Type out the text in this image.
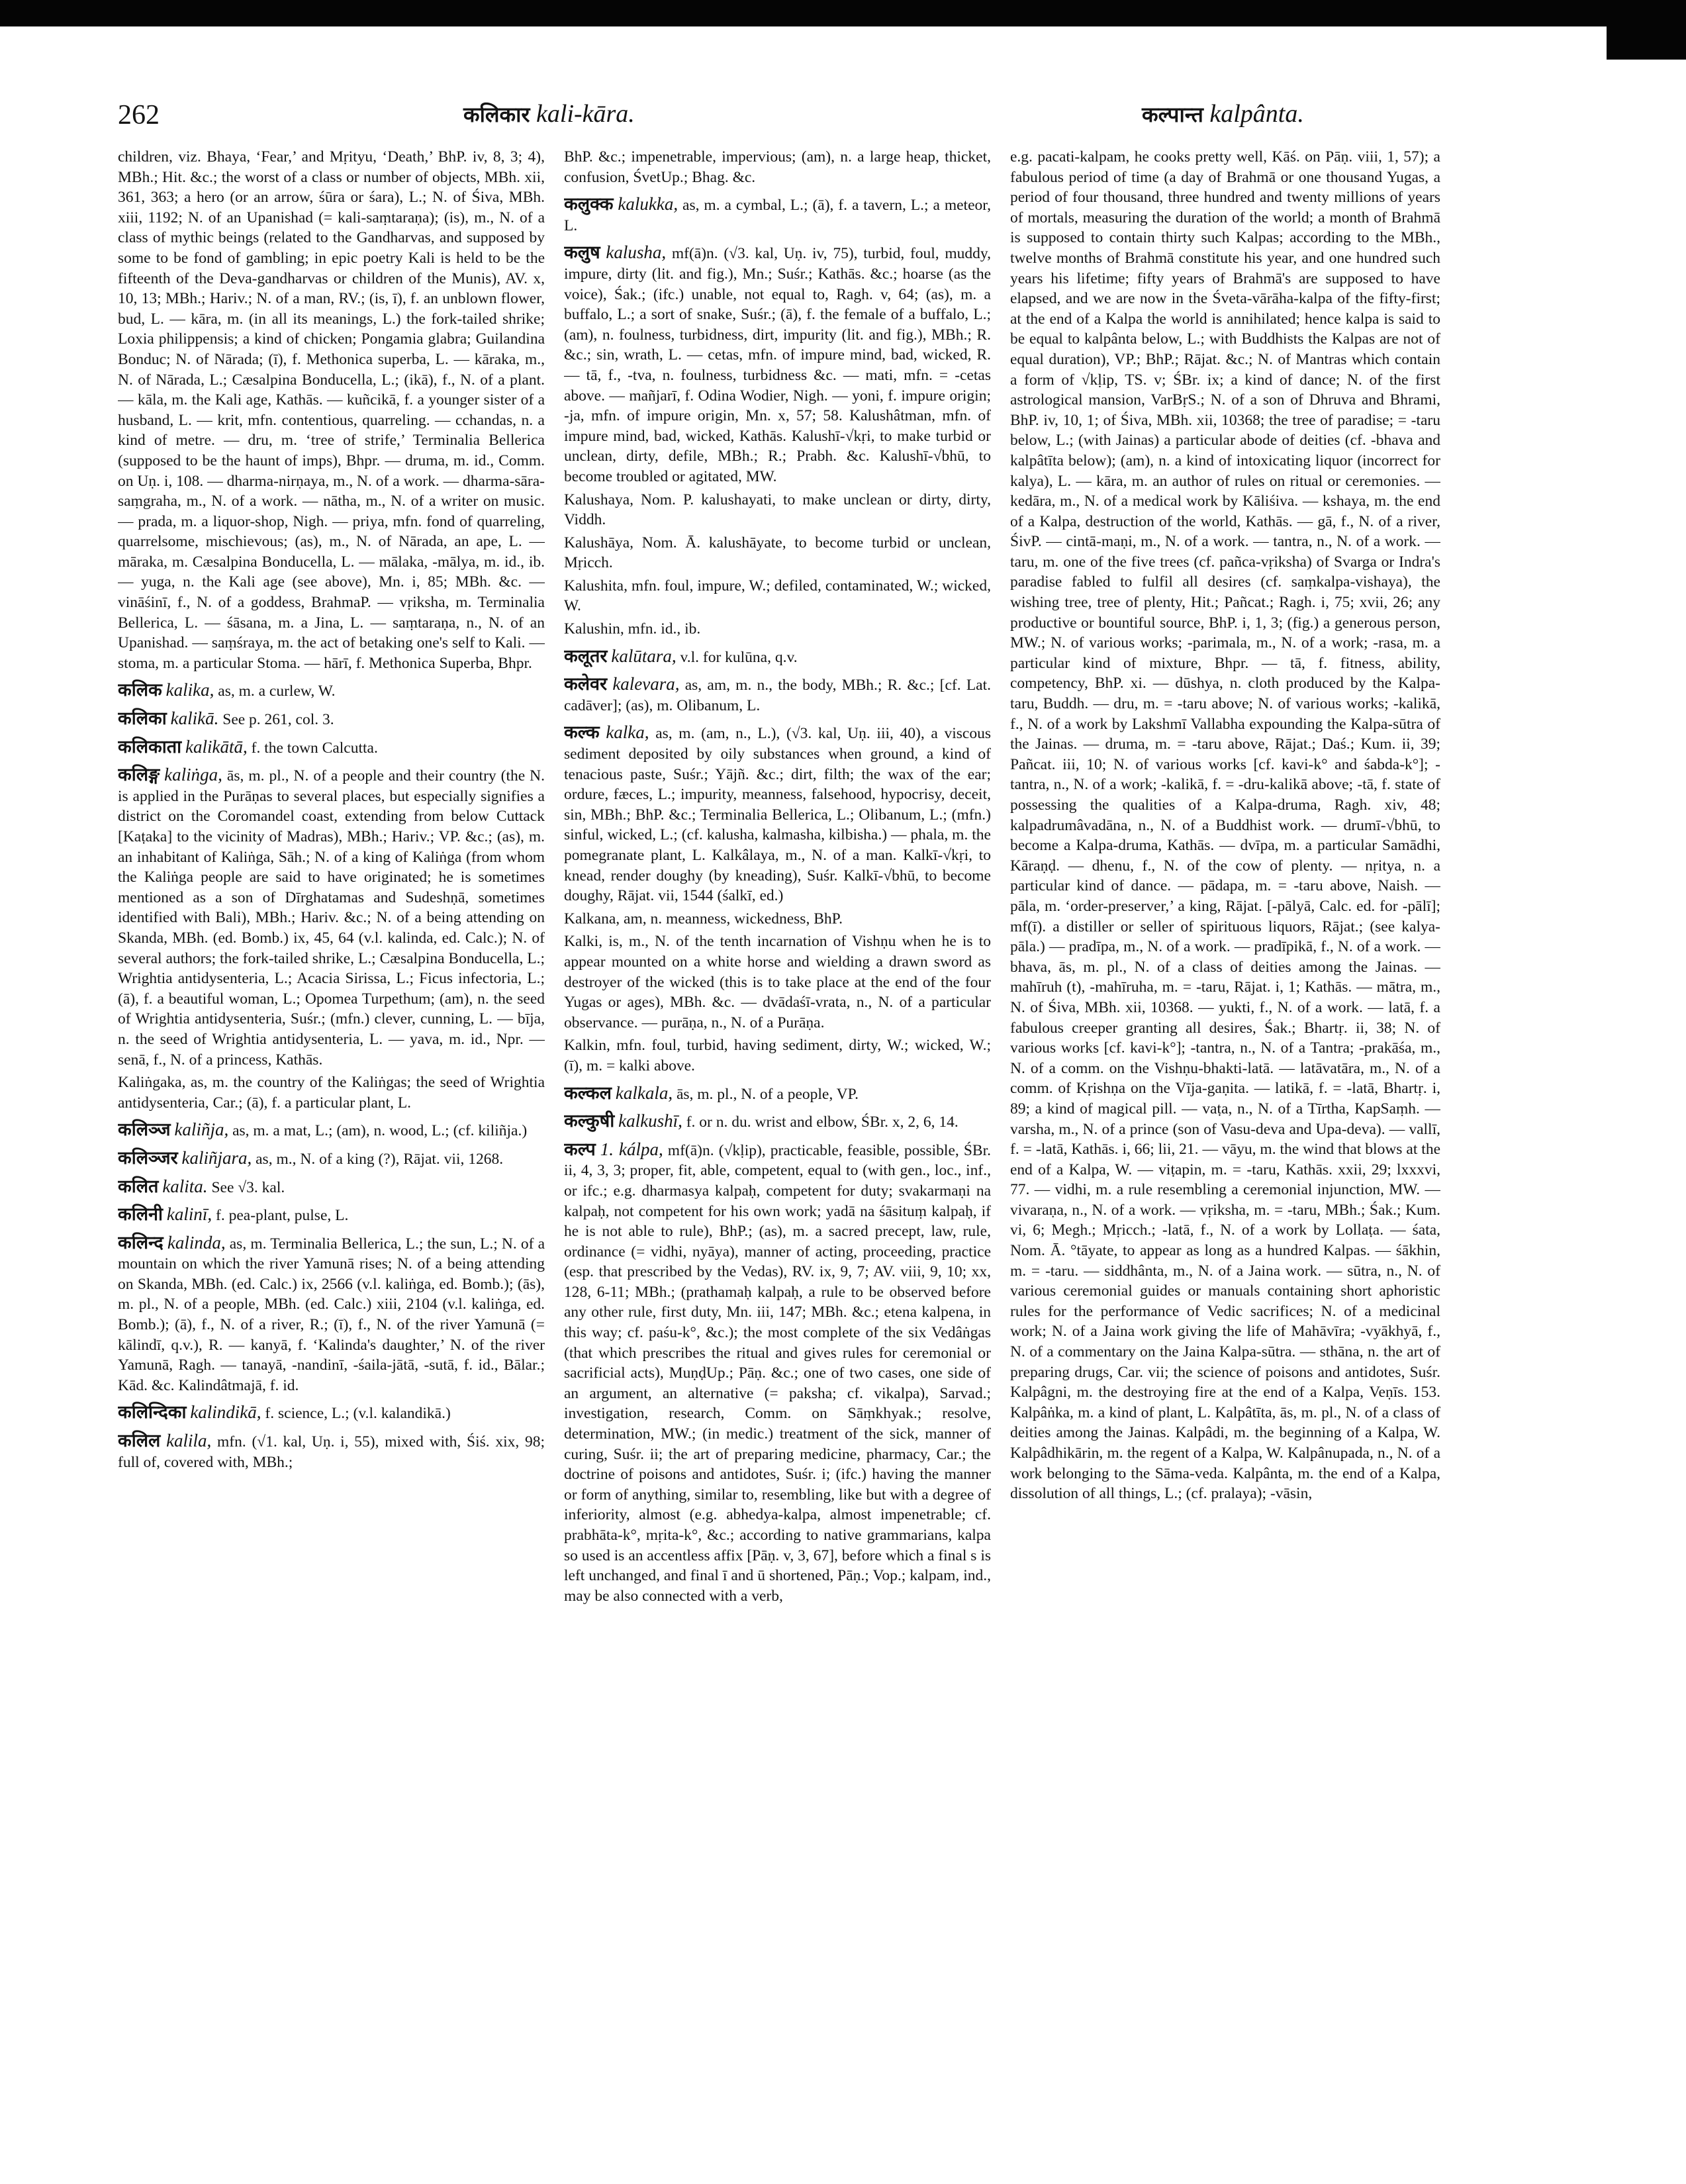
262	कलिकार kali-kāra.	कल्पान्त kalpânta.

children, viz. Bhaya, ‘Fear,’ and Mṛityu, ‘Death,’ BhP. iv, 8, 3; 4), MBh.; Hit. &c.; the worst of a class or number of objects, MBh. xii, 361, 363; a hero (or an arrow, śūra or śara), L.; N. of Śiva, MBh. xiii, 1192; N. of an Upanishad (= kali-saṃtaraṇa); (is), m., N. of a class of mythic beings (related to the Gandharvas, and supposed by some to be fond of gambling; in epic poetry Kali is held to be the fifteenth of the Deva-gandharvas or children of the Munis), AV. x, 10, 13; MBh.; Hariv.; N. of a man, RV.; (is, ī), f. an unblown flower, bud, L. — kāra, m. (in all its meanings, L.) the fork-tailed shrike; Loxia philippensis; a kind of chicken; Pongamia glabra; Guilandina Bonduc; N. of Nārada; (ī), f. Methonica superba, L. — kāraka, m., N. of Nārada, L.; Cæsalpina Bonducella, L.; (ikā), f., N. of a plant. — kāla, m. the Kali age, Kathās. — kuñcikā, f. a younger sister of a husband, L. — krit, mfn. contentious, quarreling. — cchandas, n. a kind of metre. — dru, m. ‘tree of strife,’ Terminalia Bellerica (supposed to be the haunt of imps), Bhpr. — druma, m. id., Comm. on Uṇ. i, 108. — dharma-nirṇaya, m., N. of a work. — dharma-sāra-saṃgraha, m., N. of a work. — nātha, m., N. of a writer on music. — prada, m. a liquor-shop, Nigh. — priya, mfn. fond of quarreling, quarrelsome, mischievous; (as), m., N. of Nārada, an ape, L. — māraka, m. Cæsalpina Bonducella, L. — mālaka, -mālya, m. id., ib. — yuga, n. the Kali age (see above), Mn. i, 85; MBh. &c. — vināśinī, f., N. of a goddess, BrahmaP. — vṛiksha, m. Terminalia Bellerica, L. — śāsana, m. a Jina, L. — saṃtaraṇa, n., N. of an Upanishad. — saṃśraya, m. the act of betaking one's self to Kali. — stoma, m. a particular Stoma. — hārī, f. Methonica Superba, Bhpr.

कलिक kalika, as, m. a curlew, W.

कलिका kalikā. See p. 261, col. 3.

कलिकाता kalikātā, f. the town Calcutta.

कलिङ्ग kaliṅga, ās, m. pl., N. of a people and their country (the N. is applied in the Purāṇas to several places, but especially signifies a district on the Coromandel coast, extending from below Cuttack [Kaṭaka] to the vicinity of Madras), MBh.; Hariv.; VP. &c.; (as), m. an inhabitant of Kaliṅga, Sāh.; N. of a king of Kaliṅga (from whom the Kaliṅga people are said to have originated; he is sometimes mentioned as a son of Dīrghatamas and Sudeshṇā, sometimes identified with Bali), MBh.; Hariv. &c.; N. of a being attending on Skanda, MBh. (ed. Bomb.) ix, 45, 64 (v.l. kalinda, ed. Calc.); N. of several authors; the fork-tailed shrike, L.; Cæsalpina Bonducella, L.; Wrightia antidysenteria, L.; Acacia Sirissa, L.; Ficus infectoria, L.; (ā), f. a beautiful woman, L.; Opomea Turpethum; (am), n. the seed of Wrightia antidysenteria, Suśr.; (mfn.) clever, cunning, L. — bīja, n. the seed of Wrightia antidysenteria, L. — yava, m. id., Npr. — senā, f., N. of a princess, Kathās.

Kaliṅgaka, as, m. the country of the Kaliṅgas; the seed of Wrightia antidysenteria, Car.; (ā), f. a particular plant, L.

कलिञ्ज kaliñja, as, m. a mat, L.; (am), n. wood, L.; (cf. kiliñja.)

कलिञ्जर kaliñjara, as, m., N. of a king (?), Rājat. vii, 1268.

कलित kalita. See √3. kal.

कलिनी kalinī, f. pea-plant, pulse, L.

कलिन्द kalinda, as, m. Terminalia Bellerica, L.; the sun, L.; N. of a mountain on which the river Yamunā rises; N. of a being attending on Skanda, MBh. (ed. Calc.) ix, 2566 (v.l. kaliṅga, ed. Bomb.); (ās), m. pl., N. of a people, MBh. (ed. Calc.) xiii, 2104 (v.l. kaliṅga, ed. Bomb.); (ā), f., N. of a river, R.; (ī), f., N. of the river Yamunā (= kālindī, q.v.), R. — kanyā, f. ‘Kalinda's daughter,’ N. of the river Yamunā, Ragh. — tanayā, -nandinī, -śaila-jātā, -sutā, f. id., Bālar.; Kād. &c. Kalindâtmajā, f. id.

कलिन्दिका kalindikā, f. science, L.; (v.l. kalandikā.)

कलिल kalila, mfn. (√1. kal, Uṇ. i, 55), mixed with, Śiś. xix, 98; full of, covered with, MBh.;

BhP. &c.; impenetrable, impervious; (am), n. a large heap, thicket, confusion, ŚvetUp.; Bhag. &c.

कलुक्क kalukka, as, m. a cymbal, L.; (ā), f. a tavern, L.; a meteor, L.

कलुष kalusha, mf(ā)n. (√3. kal, Uṇ. iv, 75), turbid, foul, muddy, impure, dirty (lit. and fig.), Mn.; Suśr.; Kathās. &c.; hoarse (as the voice), Śak.; (ifc.) unable, not equal to, Ragh. v, 64; (as), m. a buffalo, L.; a sort of snake, Suśr.; (ā), f. the female of a buffalo, L.; (am), n. foulness, turbidness, dirt, impurity (lit. and fig.), MBh.; R. &c.; sin, wrath, L. — cetas, mfn. of impure mind, bad, wicked, R. — tā, f., -tva, n. foulness, turbidness &c. — mati, mfn. = -cetas above. — mañjarī, f. Odina Wodier, Nigh. — yoni, f. impure origin; -ja, mfn. of impure origin, Mn. x, 57; 58. Kalushâtman, mfn. of impure mind, bad, wicked, Kathās. Kalushī-√kṛi, to make turbid or unclean, dirty, defile, MBh.; R.; Prabh. &c. Kalushī-√bhū, to become troubled or agitated, MW.

Kalushaya, Nom. P. kalushayati, to make unclean or dirty, dirty, Viddh.

Kalushāya, Nom. Ā. kalushāyate, to become turbid or unclean, Mṛicch.

Kalushita, mfn. foul, impure, W.; defiled, contaminated, W.; wicked, W.

Kalushin, mfn. id., ib.

कलूतर kalūtara, v.l. for kulūna, q.v.

कलेवर kalevara, as, am, m. n., the body, MBh.; R. &c.; [cf. Lat. cadāver]; (as), m. Olibanum, L.

कल्क kalka, as, m. (am, n., L.), (√3. kal, Uṇ. iii, 40), a viscous sediment deposited by oily substances when ground, a kind of tenacious paste, Suśr.; Yājñ. &c.; dirt, filth; the wax of the ear; ordure, fæces, L.; impurity, meanness, falsehood, hypocrisy, deceit, sin, MBh.; BhP. &c.; Terminalia Bellerica, L.; Olibanum, L.; (mfn.) sinful, wicked, L.; (cf. kalusha, kalmasha, kilbisha.) — phala, m. the pomegranate plant, L. Kalkâlaya, m., N. of a man. Kalkī-√kṛi, to knead, render doughy (by kneading), Suśr. Kalkī-√bhū, to become doughy, Rājat. vii, 1544 (śalkī, ed.)

Kalkana, am, n. meanness, wickedness, BhP.

Kalki, is, m., N. of the tenth incarnation of Vishṇu when he is to appear mounted on a white horse and wielding a drawn sword as destroyer of the wicked (this is to take place at the end of the four Yugas or ages), MBh. &c. — dvādaśī-vrata, n., N. of a particular observance. — purāṇa, n., N. of a Purāṇa.

Kalkin, mfn. foul, turbid, having sediment, dirty, W.; wicked, W.; (ī), m. = kalki above.

कल्कल kalkala, ās, m. pl., N. of a people, VP.

कल्कुषी kalkushī, f. or n. du. wrist and elbow, ŚBr. x, 2, 6, 14.

कल्प 1. kálpa, mf(ā)n. (√kḷip), practicable, feasible, possible, ŚBr. ii, 4, 3, 3; proper, fit, able, competent, equal to (with gen., loc., inf., or ifc.; e.g. dharmasya kalpaḥ, competent for duty; svakarmaṇi na kalpaḥ, not competent for his own work; yadā na śāsituṃ kalpaḥ, if he is not able to rule), BhP.; (as), m. a sacred precept, law, rule, ordinance (= vidhi, nyāya), manner of acting, proceeding, practice (esp. that prescribed by the Vedas), RV. ix, 9, 7; AV. viii, 9, 10; xx, 128, 6-11; MBh.; (prathamaḥ kalpaḥ, a rule to be observed before any other rule, first duty, Mn. iii, 147; MBh. &c.; etena kalpena, in this way; cf. paśu-k°, &c.); the most complete of the six Vedâṅgas (that which prescribes the ritual and gives rules for ceremonial or sacrificial acts), MuṇḍUp.; Pāṇ. &c.; one of two cases, one side of an argument, an alternative (= paksha; cf. vikalpa), Sarvad.; investigation, research, Comm. on Sāṃkhyak.; resolve, determination, MW.; (in medic.) treatment of the sick, manner of curing, Suśr. ii; the art of preparing medicine, pharmacy, Car.; the doctrine of poisons and antidotes, Suśr. i; (ifc.) having the manner or form of anything, similar to, resembling, like but with a degree of inferiority, almost (e.g. abhedya-kalpa, almost impenetrable; cf. prabhāta-k°, mṛita-k°, &c.; according to native grammarians, kalpa so used is an accentless affix [Pāṇ. v, 3, 67], before which a final s is left unchanged, and final ī and ū shortened, Pāṇ.; Vop.; kalpam, ind., may be also connected with a verb,

e.g. pacati-kalpam, he cooks pretty well, Kāś. on Pāṇ. viii, 1, 57); a fabulous period of time (a day of Brahmā or one thousand Yugas, a period of four thousand, three hundred and twenty millions of years of mortals, measuring the duration of the world; a month of Brahmā is supposed to contain thirty such Kalpas; according to the MBh., twelve months of Brahmā constitute his year, and one hundred such years his lifetime; fifty years of Brahmā's are supposed to have elapsed, and we are now in the Śveta-vārāha-kalpa of the fifty-first; at the end of a Kalpa the world is annihilated; hence kalpa is said to be equal to kalpânta below, L.; with Buddhists the Kalpas are not of equal duration), VP.; BhP.; Rājat. &c.; N. of Mantras which contain a form of √kḷip, TS. v; ŚBr. ix; a kind of dance; N. of the first astrological mansion, VarBṛS.; N. of a son of Dhruva and Bhrami, BhP. iv, 10, 1; of Śiva, MBh. xii, 10368; the tree of paradise; = -taru below, L.; (with Jainas) a particular abode of deities (cf. -bhava and kalpâtīta below); (am), n. a kind of intoxicating liquor (incorrect for kalya), L. — kāra, m. an author of rules on ritual or ceremonies. — kedāra, m., N. of a medical work by Kāliśiva. — kshaya, m. the end of a Kalpa, destruction of the world, Kathās. — gā, f., N. of a river, ŚivP. — cintā-maṇi, m., N. of a work. — tantra, n., N. of a work. — taru, m. one of the five trees (cf. pañca-vṛiksha) of Svarga or Indra's paradise fabled to fulfil all desires (cf. saṃkalpa-vishaya), the wishing tree, tree of plenty, Hit.; Pañcat.; Ragh. i, 75; xvii, 26; any productive or bountiful source, BhP. i, 1, 3; (fig.) a generous person, MW.; N. of various works; -parimala, m., N. of a work; -rasa, m. a particular kind of mixture, Bhpr. — tā, f. fitness, ability, competency, BhP. xi. — dūshya, n. cloth produced by the Kalpa-taru, Buddh. — dru, m. = -taru above; N. of various works; -kalikā, f., N. of a work by Lakshmī Vallabha expounding the Kalpa-sūtra of the Jainas. — druma, m. = -taru above, Rājat.; Daś.; Kum. ii, 39; Pañcat. iii, 10; N. of various works [cf. kavi-k° and śabda-k°]; -tantra, n., N. of a work; -kalikā, f. = -dru-kalikā above; -tā, f. state of possessing the qualities of a Kalpa-druma, Ragh. xiv, 48; kalpadrumâvadāna, n., N. of a Buddhist work. — drumī-√bhū, to become a Kalpa-druma, Kathās. — dvīpa, m. a particular Samādhi, Kāraṇḍ. — dhenu, f., N. of the cow of plenty. — nṛitya, n. a particular kind of dance. — pādapa, m. = -taru above, Naish. — pāla, m. ‘order-preserver,’ a king, Rājat. [-pālyā, Calc. ed. for -pālī]; mf(ī). a distiller or seller of spirituous liquors, Rājat.; (see kalya-pāla.) — pradīpa, m., N. of a work. — pradīpikā, f., N. of a work. — bhava, ās, m. pl., N. of a class of deities among the Jainas. — mahīruh (t), -mahīruha, m. = -taru, Rājat. i, 1; Kathās. — mātra, m., N. of Śiva, MBh. xii, 10368. — yukti, f., N. of a work. — latā, f. a fabulous creeper granting all desires, Śak.; Bhartṛ. ii, 38; N. of various works [cf. kavi-k°]; -tantra, n., N. of a Tantra; -prakāśa, m., N. of a comm. on the Vishṇu-bhakti-latā. — latāvatāra, m., N. of a comm. of Kṛishṇa on the Vīja-gaṇita. — latikā, f. = -latā, Bhartṛ. i, 89; a kind of magical pill. — vaṭa, n., N. of a Tīrtha, KapSaṃh. — varsha, m., N. of a prince (son of Vasu-deva and Upa-deva). — vallī, f. = -latā, Kathās. i, 66; lii, 21. — vāyu, m. the wind that blows at the end of a Kalpa, W. — viṭapin, m. = -taru, Kathās. xxii, 29; lxxxvi, 77. — vidhi, m. a rule resembling a ceremonial injunction, MW. — vivaraṇa, n., N. of a work. — vṛiksha, m. = -taru, MBh.; Śak.; Kum. vi, 6; Megh.; Mṛicch.; -latā, f., N. of a work by Lollaṭa. — śata, Nom. Ā. °tāyate, to appear as long as a hundred Kalpas. — śākhin, m. = -taru. — siddhânta, m., N. of a Jaina work. — sūtra, n., N. of various ceremonial guides or manuals containing short aphoristic rules for the performance of Vedic sacrifices; N. of a medicinal work; N. of a Jaina work giving the life of Mahāvīra; -vyākhyā, f., N. of a commentary on the Jaina Kalpa-sūtra. — sthāna, n. the art of preparing drugs, Car. vii; the science of poisons and antidotes, Suśr. Kalpâgni, m. the destroying fire at the end of a Kalpa, Veṇīs. 153. Kalpâṅka, m. a kind of plant, L. Kalpâtīta, ās, m. pl., N. of a class of deities among the Jainas. Kalpâdi, m. the beginning of a Kalpa, W. Kalpâdhikārin, m. the regent of a Kalpa, W. Kalpânupada, n., N. of a work belonging to the Sāma-veda. Kalpânta, m. the end of a Kalpa, dissolution of all things, L.; (cf. pralaya); -vāsin,
